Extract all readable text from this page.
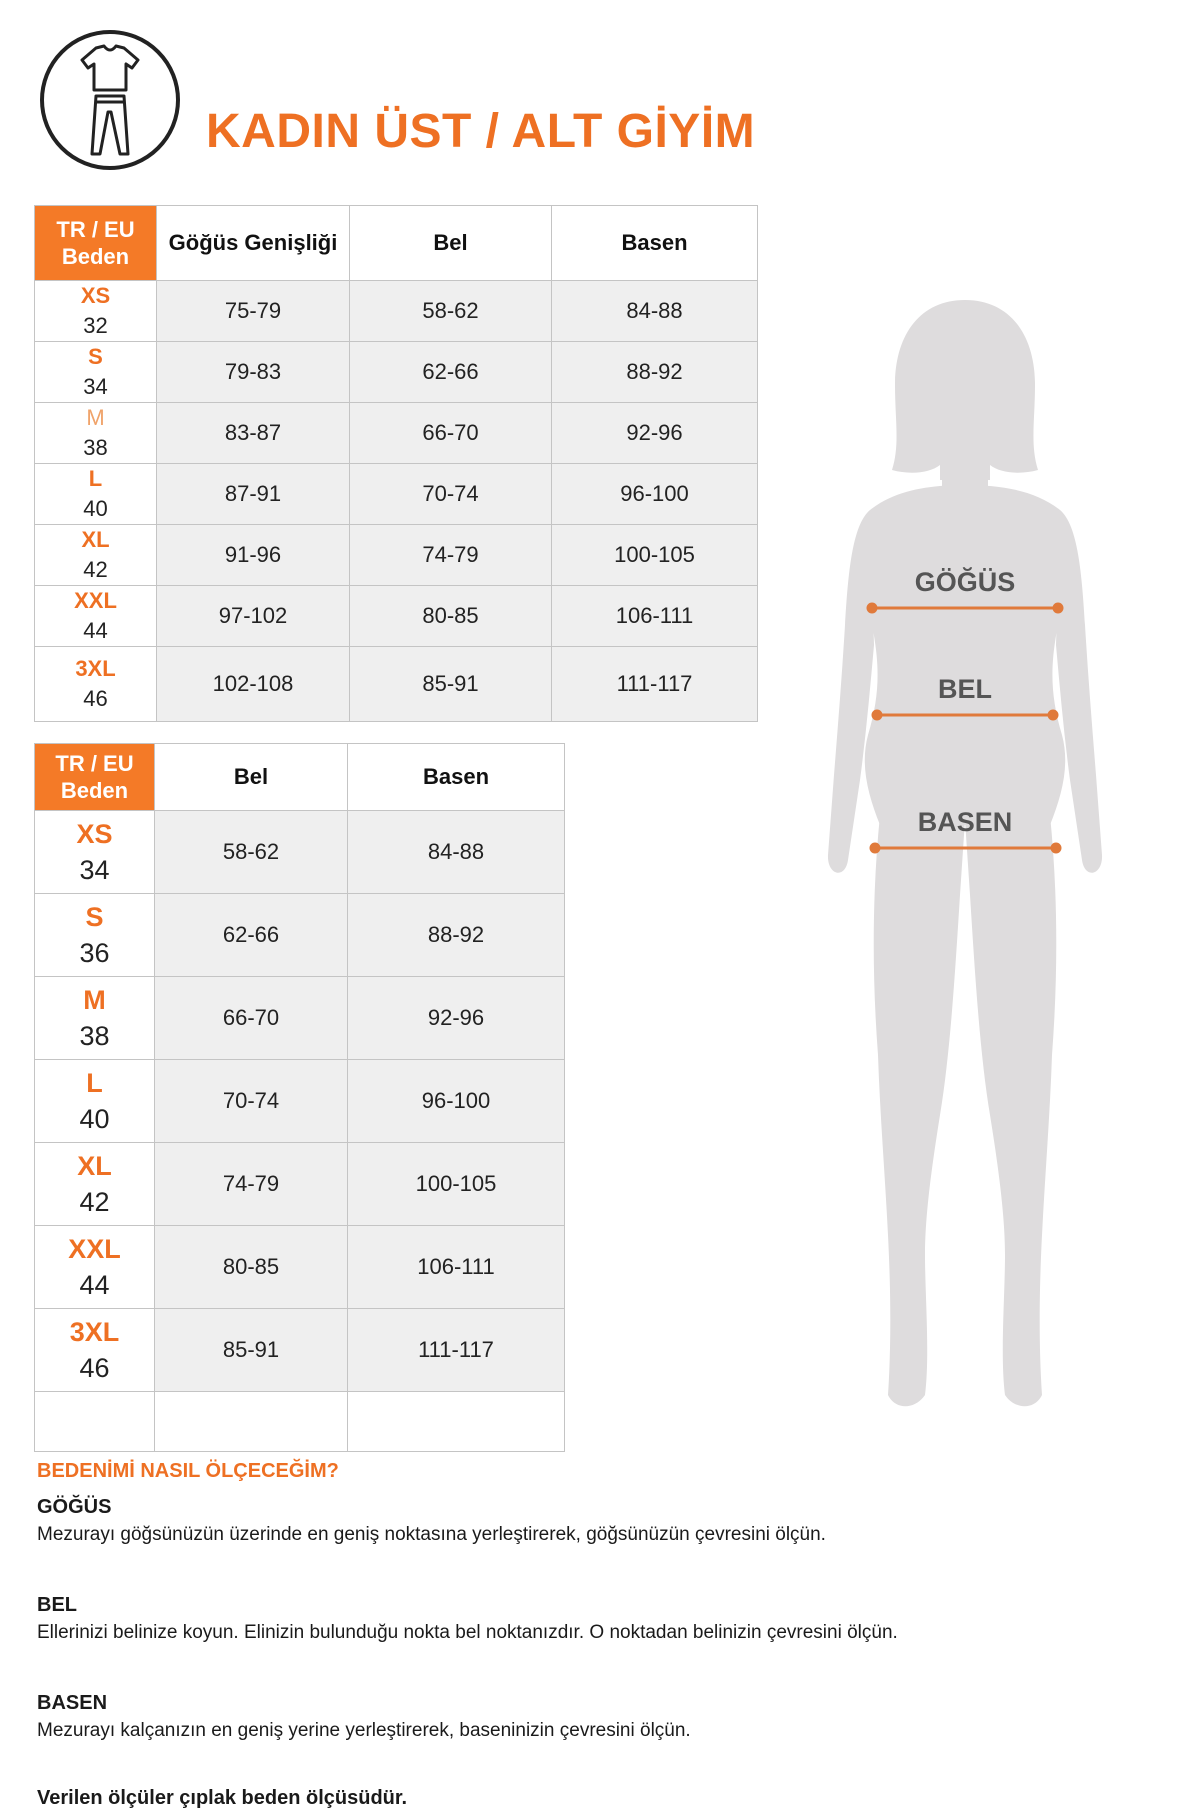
KADIN ÜST / ALT GİYİM
TR / EU Beden	Göğüs Genişliği	Bel	Basen

XS
32	75-79	58-62	84-88

S
34	79-83	62-66	88-92

M
38	83-87	66-70	92-96

L
40	87-91	70-74	96-100

XL
42	91-96	74-79	100-105

XXL
44	97-102	80-85	106-111

3XL
46	102-108	85-91	111-117
TR / EU Beden	Bel	Basen

XS
34	58-62	84-88

S
36	62-66	88-92

M
38	66-70	92-96

L
40	70-74	96-100

XL
42	74-79	100-105

XXL
44	80-85	106-111

3XL
46	85-91	111-117

GÖĞÜS
BEL
BASEN

BEDENİMİ NASIL ÖLÇECEĞİM?

GÖĞÜS

Mezurayı göğsünüzün üzerinde en geniş noktasına yerleştirerek, göğsünüzün çevresini ölçün.

BEL

Ellerinizi belinize koyun. Elinizin bulunduğu nokta bel noktanızdır. O noktadan belinizin çevresini ölçün.

BASEN

Mezurayı kalçanızın en geniş yerine yerleştirerek, baseninizin çevresini ölçün.

Verilen ölçüler çıplak beden ölçüsüdür.
